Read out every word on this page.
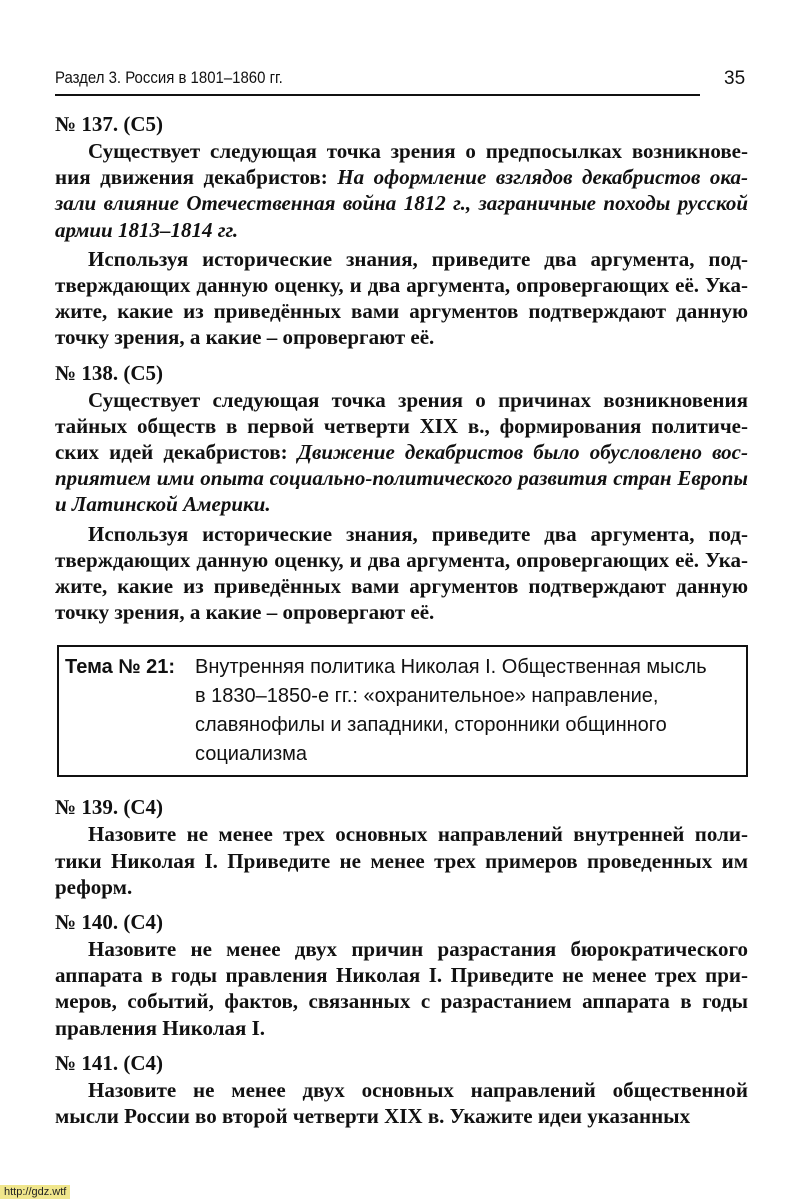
Раздел 3. Россия в 1801–1860 гг.	35
№ 137. (С5)
Существует следующая точка зрения о предпосылках возникнове-
ния движения декабристов: На оформление взглядов декабристов ока-
зали влияние Отечественная война 1812 г., заграничные походы русской
армии 1813–1814 гг.
Используя исторические знания, приведите два аргумента, под-
тверждающих данную оценку, и два аргумента, опровергающих её. Ука-
жите, какие из приведённых вами аргументов подтверждают данную
точку зрения, а какие – опровергают её.
№ 138. (С5)
Существует следующая точка зрения о причинах возникновения
тайных обществ в первой четверти XIX в., формирования политиче-
ских идей декабристов: Движение декабристов было обусловлено вос-
приятием ими опыта социально-политического развития стран Европы
и Латинской Америки.
Используя исторические знания, приведите два аргумента, под-
тверждающих данную оценку, и два аргумента, опровергающих её. Ука-
жите, какие из приведённых вами аргументов подтверждают данную
точку зрения, а какие – опровергают её.
Тема № 21: Внутренняя политика Николая I. Общественная мысль
в 1830–1850-е гг.: «охранительное» направление,
славянофилы и западники, сторонники общинного
социализма
№ 139. (С4)
Назовите не менее трех основных направлений внутренней поли-
тики Николая I. Приведите не менее трех примеров проведенных им
реформ.
№ 140. (С4)
Назовите не менее двух причин разрастания бюрократического
аппарата в годы правления Николая I. Приведите не менее трех при-
меров, событий, фактов, связанных с разрастанием аппарата в годы
правления Николая I.
№ 141. (С4)
Назовите не менее двух основных направлений общественной
мысли России во второй четверти XIX в. Укажите идеи указанных
http://gdz.wtf
